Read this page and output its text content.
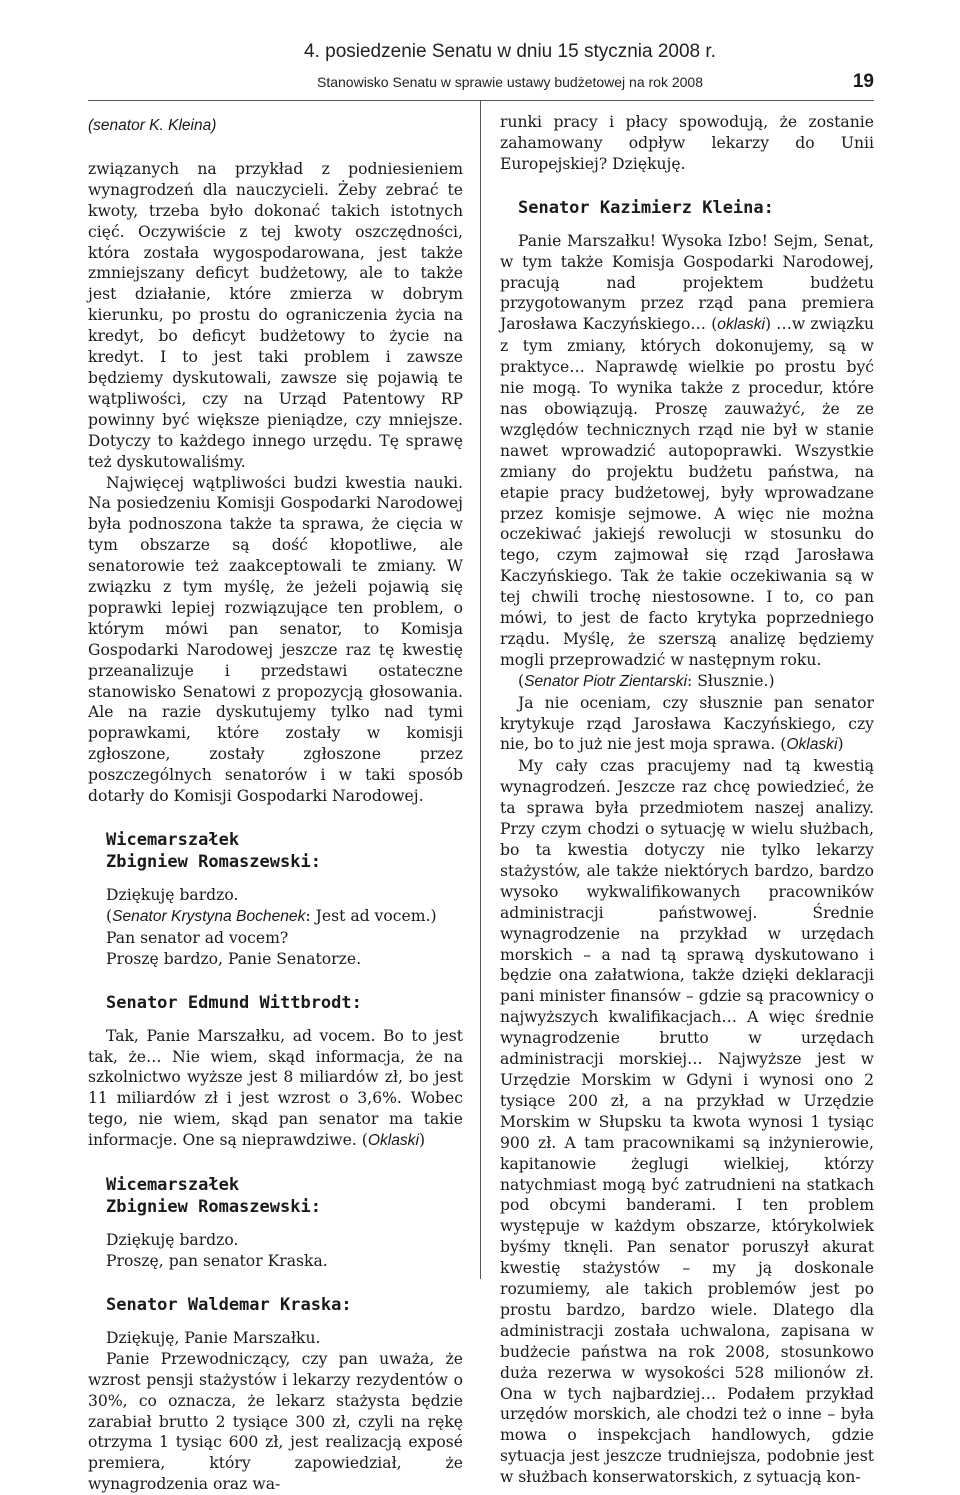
4. posiedzenie Senatu w dniu 15 stycznia 2008 r.
Stanowisko Senatu w sprawie ustawy budżetowej na rok 2008	19
(senator K. Kleina)

związanych na przykład z podniesieniem wynagrodzeń dla nauczycieli. Żeby zebrać te kwoty, trzeba było dokonać takich istotnych cięć. Oczywiście z tej kwoty oszczędności, która została wygospodarowana, jest także zmniejszany deficyt budżetowy, ale to także jest działanie, które zmierza w dobrym kierunku, po prostu do ograniczenia życia na kredyt, bo deficyt budżetowy to życie na kredyt. I to jest taki problem i zawsze będziemy dyskutowali, zawsze się pojawią te wątpliwości, czy na Urząd Patentowy RP powinny być większe pieniądze, czy mniejsze. Dotyczy to każdego innego urzędu. Tę sprawę też dyskutowaliśmy.

Najwięcej wątpliwości budzi kwestia nauki. Na posiedzeniu Komisji Gospodarki Narodowej była podnoszona także ta sprawa, że cięcia w tym obszarze są dość kłopotliwe, ale senatorowie też zaakceptowali te zmiany. W związku z tym myślę, że jeżeli pojawią się poprawki lepiej rozwiązujące ten problem, o którym mówi pan senator, to Komisja Gospodarki Narodowej jeszcze raz tę kwestię przeanalizuje i przedstawi ostateczne stanowisko Senatowi z propozycją głosowania. Ale na razie dyskutujemy tylko nad tymi poprawkami, które zostały w komisji zgłoszone, zostały zgłoszone przez poszczególnych senatorów i w taki sposób dotarły do Komisji Gospodarki Narodowej.

Wicemarszałek
Zbigniew Romaszewski:
Dziękuję bardzo.
(Senator Krystyna Bochenek: Jest ad vocem.)
Pan senator ad vocem?
Proszę bardzo, Panie Senatorze.
Senator Edmund Wittbrodt:

Tak, Panie Marszałku, ad vocem. Bo to jest tak, że… Nie wiem, skąd informacja, że na szkolnictwo wyższe jest 8 miliardów zł, bo jest 11 miliardów zł i jest wzrost o 3,6%. Wobec tego, nie wiem, skąd pan senator ma takie informacje. One są nieprawdziwe. (Oklaski)

Wicemarszałek
Zbigniew Romaszewski:
Dziękuję bardzo.
Proszę, pan senator Kraska.
Senator Waldemar Kraska:
Dziękuję, Panie Marszałku.

Panie Przewodniczący, czy pan uważa, że wzrost pensji stażystów i lekarzy rezydentów o 30%, co oznacza, że lekarz stażysta będzie zarabiał brutto 2 tysiące 300 zł, czyli na rękę otrzyma 1 tysiąc 600 zł, jest realizacją exposé premiera, który zapowiedział, że wynagrodzenia oraz wa-

runki pracy i płacy spowodują, że zostanie zahamowany odpływ lekarzy do Unii Europejskiej? Dziękuję.

Senator Kazimierz Kleina:

Panie Marszałku! Wysoka Izbo! Sejm, Senat, w tym także Komisja Gospodarki Narodowej, pracują nad projektem budżetu przygotowanym przez rząd pana premiera Jarosława Kaczyńskiego… (oklaski) …w związku z tym zmiany, których dokonujemy, są w praktyce… Naprawdę wielkie po prostu być nie mogą. To wynika także z procedur, które nas obowiązują. Proszę zauważyć, że ze względów technicznych rząd nie był w stanie nawet wprowadzić autopoprawki. Wszystkie zmiany do projektu budżetu państwa, na etapie pracy budżetowej, były wprowadzane przez komisje sejmowe. A więc nie można oczekiwać jakiejś rewolucji w stosunku do tego, czym zajmował się rząd Jarosława Kaczyńskiego. Tak że takie oczekiwania są w tej chwili trochę niestosowne. I to, co pan mówi, to jest de facto krytyka poprzedniego rządu. Myślę, że szerszą analizę będziemy mogli przeprowadzić w następnym roku.

(Senator Piotr Zientarski: Słusznie.)

Ja nie oceniam, czy słusznie pan senator krytykuje rząd Jarosława Kaczyńskiego, czy nie, bo to już nie jest moja sprawa. (Oklaski)

My cały czas pracujemy nad tą kwestią wynagrodzeń. Jeszcze raz chcę powiedzieć, że ta sprawa była przedmiotem naszej analizy. Przy czym chodzi o sytuację w wielu służbach, bo ta kwestia dotyczy nie tylko lekarzy stażystów, ale także niektórych bardzo, bardzo wysoko wykwalifikowanych pracowników administracji państwowej. Średnie wynagrodzenie na przykład w urzędach morskich – a nad tą sprawą dyskutowano i będzie ona załatwiona, także dzięki deklaracji pani minister finansów – gdzie są pracownicy o najwyższych kwalifikacjach… A więc średnie wynagrodzenie brutto w urzędach administracji morskiej… Najwyższe jest w Urzędzie Morskim w Gdyni i wynosi ono 2 tysiące 200 zł, a na przykład w Urzędzie Morskim w Słupsku ta kwota wynosi 1 tysiąc 900 zł. A tam pracownikami są inżynierowie, kapitanowie żeglugi wielkiej, którzy natychmiast mogą być zatrudnieni na statkach pod obcymi banderami. I ten problem występuje w każdym obszarze, którykolwiek byśmy tknęli. Pan senator poruszył akurat kwestię stażystów – my ją doskonale rozumiemy, ale takich problemów jest po prostu bardzo, bardzo wiele. Dlatego dla administracji została uchwalona, zapisana w budżecie państwa na rok 2008, stosunkowo duża rezerwa w wysokości 528 milionów zł. Ona w tych najbardziej… Podałem przykład urzędów morskich, ale chodzi też o inne – była mowa o inspekcjach handlowych, gdzie sytuacja jest jeszcze trudniejsza, podobnie jest w służbach konserwatorskich, z sytuacją kon-
